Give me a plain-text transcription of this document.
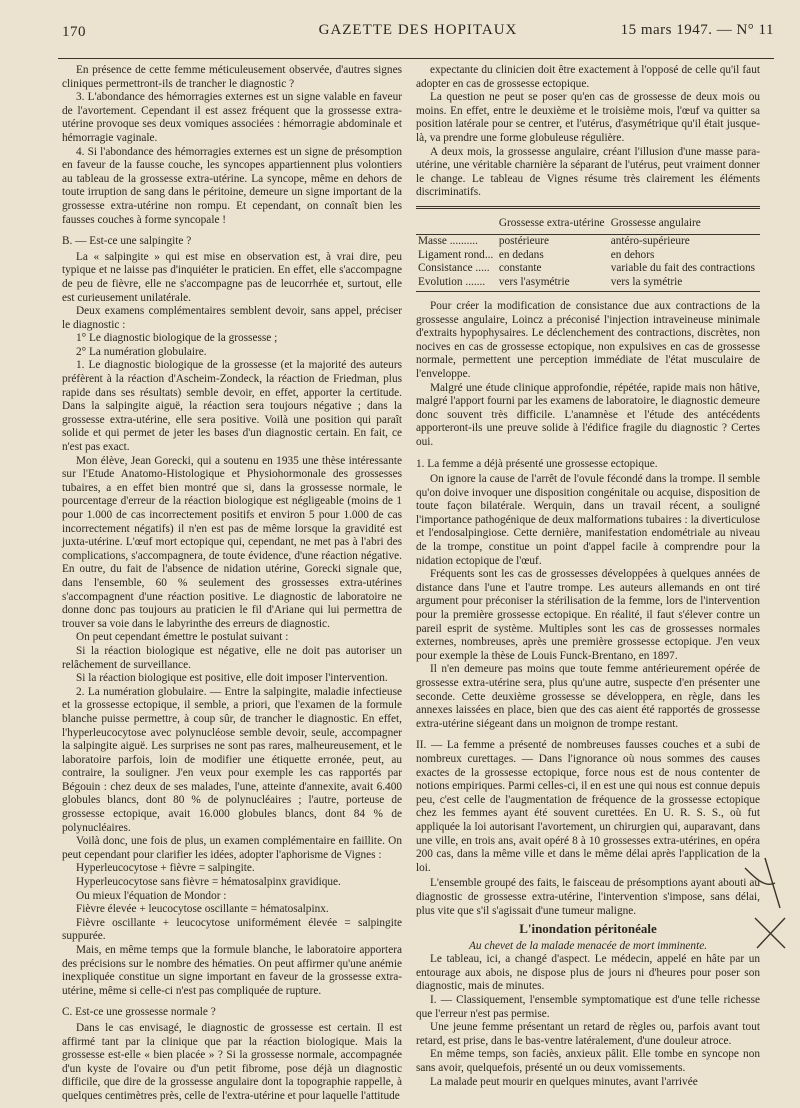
170	GAZETTE DES HOPITAUX	15 mars 1947. — N° 11

En présence de cette femme méticuleusement observée, d'autres signes cliniques permettront-ils de trancher le diagnostic ?

3. L'abondance des hémorragies externes est un signe valable en faveur de l'avortement. Cependant il est assez fréquent que la grossesse extra-utérine provoque ses deux vomiques associées : hémorragie abdominale et hémorragie vaginale.

4. Si l'abondance des hémorragies externes est un signe de présomption en faveur de la fausse couche, les syncopes appartiennent plus volontiers au tableau de la grossesse extra-utérine. La syncope, même en dehors de toute irruption de sang dans le péritoine, demeure un signe important de la grossesse extra-utérine non rompu. Et cependant, on connaît bien les fausses couches à forme syncopale !

B. — Est-ce une salpingite ?

La « salpingite » qui est mise en observation est, à vrai dire, peu typique et ne laisse pas d'inquiéter le praticien. En effet, elle s'accompagne de peu de fièvre, elle ne s'accompagne pas de leucorrhée et, surtout, elle est curieusement unilatérale.

Deux examens complémentaires semblent devoir, sans appel, préciser le diagnostic :

1° Le diagnostic biologique de la grossesse ;

2° La numération globulaire.

1. Le diagnostic biologique de la grossesse (et la majorité des auteurs préfèrent à la réaction d'Ascheim-Zondeck, la réaction de Friedman, plus rapide dans ses résultats) semble devoir, en effet, apporter la certitude. Dans la salpingite aiguë, la réaction sera toujours négative ; dans la grossesse extra-utérine, elle sera positive. Voilà une position qui paraît solide et qui permet de jeter les bases d'un diagnostic certain. En fait, ce n'est pas exact.

Mon élève, Jean Gorecki, qui a soutenu en 1935 une thèse intéressante sur l'Etude Anatomo-Histologique et Physiohormonale des grossesses tubaires, a en effet bien montré que si, dans la grossesse normale, le pourcentage d'erreur de la réaction biologique est négligeable (moins de 1 pour 1.000 de cas incorrectement positifs et environ 5 pour 1.000 de cas incorrectement négatifs) il n'en est pas de même lorsque la gravidité est juxta-utérine. L'œuf mort ectopique qui, cependant, ne met pas à l'abri des complications, s'accompagnera, de toute évidence, d'une réaction négative. En outre, du fait de l'absence de nidation utérine, Gorecki signale que, dans l'ensemble, 60 % seulement des grossesses extra-utérines s'accompagnent d'une réaction positive. Le diagnostic de laboratoire ne donne donc pas toujours au praticien le fil d'Ariane qui lui permettra de trouver sa voie dans le labyrinthe des erreurs de diagnostic.

On peut cependant émettre le postulat suivant :

Si la réaction biologique est négative, elle ne doit pas autoriser un relâchement de surveillance.

Si la réaction biologique est positive, elle doit imposer l'intervention.

2. La numération globulaire. — Entre la salpingite, maladie infectieuse et la grossesse ectopique, il semble, a priori, que l'examen de la formule blanche puisse permettre, à coup sûr, de trancher le diagnostic. En effet, l'hyperleucocytose avec polynucléose semble devoir, seule, accompagner la salpingite aiguë. Les surprises ne sont pas rares, malheureusement, et le laboratoire parfois, loin de modifier une étiquette erronée, peut, au contraire, la souligner. J'en veux pour exemple les cas rapportés par Bégouin : chez deux de ses malades, l'une, atteinte d'annexite, avait 6.400 globules blancs, dont 80 % de polynucléaires ; l'autre, porteuse de grossesse ectopique, avait 16.000 globules blancs, dont 84 % de polynucléaires.

Voilà donc, une fois de plus, un examen complémentaire en faillite. On peut cependant pour clarifier les idées, adopter l'aphorisme de Vignes :

Hyperleucocytose + fièvre = salpingite.

Hyperleucocytose sans fièvre = hématosalpinx gravidique.

Ou mieux l'équation de Mondor :

Fièvre élevée + leucocytose oscillante = hématosalpinx.

Fièvre oscillante + leucocytose uniformément élevée = salpingite suppurée.

Mais, en même temps que la formule blanche, le laboratoire apportera des précisions sur le nombre des hématies. On peut affirmer qu'une anémie inexpliquée constitue un signe important en faveur de la grossesse extra-utérine, même si celle-ci n'est pas compliquée de rupture.

C. Est-ce une grossesse normale ?

Dans le cas envisagé, le diagnostic de grossesse est certain. Il est affirmé tant par la clinique que par la réaction biologique. Mais la grossesse est-elle « bien placée » ? Si la grossesse normale, accompagnée d'un kyste de l'ovaire ou d'un petit fibrome, pose déjà un diagnostic difficile, que dire de la grossesse angulaire dont la topographie rappelle, à quelques centimètres près, celle de l'extra-utérine et pour laquelle l'attitude

expectante du clinicien doit être exactement à l'opposé de celle qu'il faut adopter en cas de grossesse ectopique.

La question ne peut se poser qu'en cas de grossesse de deux mois ou moins. En effet, entre le deuxième et le troisième mois, l'œuf va quitter sa position latérale pour se centrer, et l'utérus, d'asymétrique qu'il était jusque-là, va prendre une forme globuleuse régulière.

A deux mois, la grossesse angulaire, créant l'illusion d'une masse para-utérine, une véritable charnière la séparant de l'utérus, peut vraiment donner le change. Le tableau de Vignes résume très clairement les éléments discriminatifs.

	Grossesse extra-utérine	Grossesse angulaire
Masse ..........	postérieure	antéro-supérieure
Ligament rond...	en dedans	en dehors
Consistance .....	constante	variable du fait des contractions
Evolution .......	vers l'asymétrie	vers la symétrie

Pour créer la modification de consistance due aux contractions de la grossesse angulaire, Loincz a préconisé l'injection intraveineuse minimale d'extraits hypophysaires. Le déclenchement des contractions, discrètes, non nocives en cas de grossesse ectopique, non expulsives en cas de grossesse normale, permettent une perception immédiate de l'état musculaire de l'enveloppe.

Malgré une étude clinique approfondie, répétée, rapide mais non hâtive, malgré l'apport fourni par les examens de laboratoire, le diagnostic demeure donc souvent très difficile. L'anamnèse et l'étude des antécédents apporteront-ils une preuve solide à l'édifice fragile du diagnostic ? Certes oui.

1. La femme a déjà présenté une grossesse ectopique.

On ignore la cause de l'arrêt de l'ovule fécondé dans la trompe. Il semble qu'on doive invoquer une disposition congénitale ou acquise, disposition de toute façon bilatérale. Werquin, dans un travail récent, a souligné l'importance pathogénique de deux malformations tubaires : la diverticulose et l'endosalpingiose. Cette dernière, manifestation endométriale au niveau de la trompe, constitue un point d'appel facile à comprendre pour la nidation ectopique de l'œuf.

Fréquents sont les cas de grossesses développées à quelques années de distance dans l'une et l'autre trompe. Les auteurs allemands en ont tiré argument pour préconiser la stérilisation de la femme, lors de l'intervention pour la première grossesse ectopique. En réalité, il faut s'élever contre un pareil esprit de système. Multiples sont les cas de grossesses normales externes, nombreuses, après une première grossesse ectopique. J'en veux pour exemple la thèse de Louis Funck-Brentano, en 1897.

Il n'en demeure pas moins que toute femme antérieurement opérée de grossesse extra-utérine sera, plus qu'une autre, suspecte d'en présenter une seconde. Cette deuxième grossesse se développera, en règle, dans les annexes laissées en place, bien que des cas aient été rapportés de grossesse extra-utérine siégeant dans un moignon de trompe restant.

II. — La femme a présenté de nombreuses fausses couches et a subi de nombreux curettages. — Dans l'ignorance où nous sommes des causes exactes de la grossesse ectopique, force nous est de nous contenter de notions empiriques. Parmi celles-ci, il en est une qui nous est connue depuis peu, c'est celle de l'augmentation de fréquence de la grossesse ectopique chez les femmes ayant été souvent curettées. En U. R. S. S., où fut appliquée la loi autorisant l'avortement, un chirurgien qui, auparavant, dans une ville, en trois ans, avait opéré 8 à 10 grossesses extra-utérines, en opéra 200 cas, dans la même ville et dans le même délai après l'application de la loi.

L'ensemble groupé des faits, le faisceau de présomptions ayant abouti au diagnostic de grossesse extra-utérine, l'intervention s'impose, sans délai, plus vite que s'il s'agissait d'une tumeur maligne.

L'inondation péritonéale

Au chevet de la malade menacée de mort imminente.

Le tableau, ici, a changé d'aspect. Le médecin, appelé en hâte par un entourage aux abois, ne dispose plus de jours ni d'heures pour poser son diagnostic, mais de minutes.

I. — Classiquement, l'ensemble symptomatique est d'une telle richesse que l'erreur n'est pas permise.

Une jeune femme présentant un retard de règles ou, parfois avant tout retard, est prise, dans le bas-ventre latéralement, d'une douleur atroce.

En même temps, son faciès, anxieux pâlit. Elle tombe en syncope non sans avoir, quelquefois, présenté un ou deux vomissements.

La malade peut mourir en quelques minutes, avant l'arrivée
